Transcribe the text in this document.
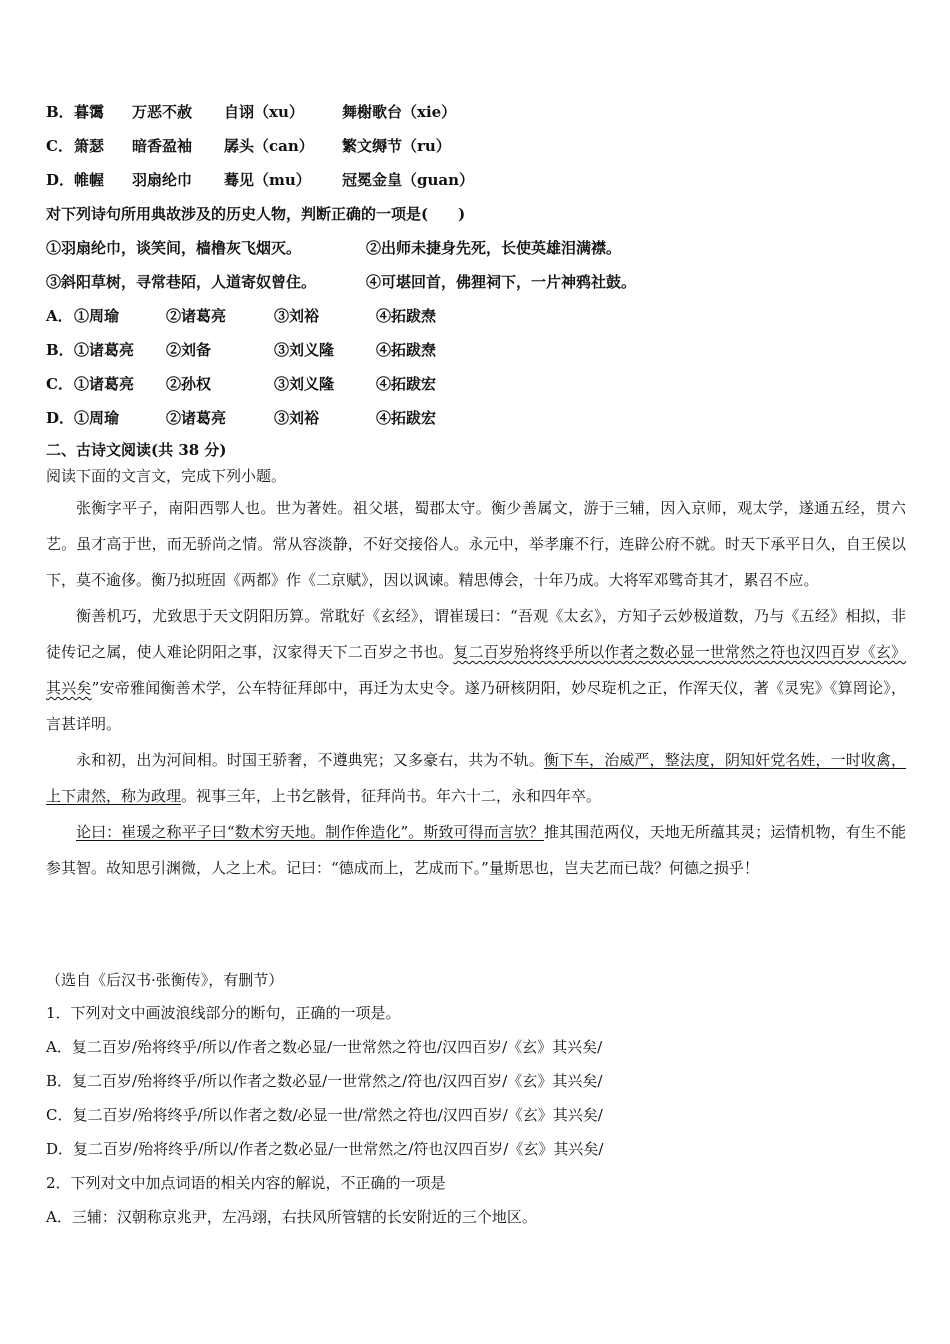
B．暮霭 万恶不赦 自诩（xu）	舞榭歌台（xie）
C．箫瑟 暗香盈袖 孱头（can） 繁文缛节（ru）
D．帷幄 羽扇纶巾 蓦见（mu） 冠冕金皇（guan）
对下列诗句所用典故涉及的历史人物，判断正确的一项是(　　)
①羽扇纶巾，谈笑间，樯橹灰飞烟灭。	②出师未捷身先死，长使英雄泪满襟。
③斜阳草树，寻常巷陌，人道寄奴曾住。	④可堪回首，佛狸祠下，一片神鸦社鼓。
A．①周瑜	②诸葛亮	③刘裕	④拓跋焘
B．①诸葛亮 ②刘备	③刘义隆	④拓跋焘
C．①诸葛亮 ②孙权	③刘义隆	④拓跋宏
D．①周瑜	②诸葛亮	③刘裕	④拓跋宏
二、古诗文阅读(共 38 分)
阅读下面的文言文，完成下列小题。

张衡字平子，南阳西鄂人也。世为著姓。祖父堪，蜀郡太守。衡少善属文，游于三辅，因入京师，观太学，遂通五经，贯六艺。虽才高于世，而无骄尚之情。常从容淡静，不好交接俗人。永元中，举孝廉不行，连辟公府不就。时天下承平日久，自王侯以下，莫不逾侈。衡乃拟班固《两都》作《二京赋》，因以讽谏。精思傅会，十年乃成。大将军邓骘奇其才，累召不应。

衡善机巧，尤致思于天文阴阳历算。常耽好《玄经》，谓崔瑗曰：“吾观《太玄》，方知子云妙极道数，乃与《五经》相拟，非徒传记之属，使人难论阴阳之事，汉家得天下二百岁之书也。复二百岁殆将终乎所以作者之数必显一世常然之符也汉四百岁《玄》其兴矣”安帝雅闻衡善术学，公车特征拜郎中，再迁为太史令。遂乃研核阴阳，妙尽琁机之正，作浑天仪，著《灵宪》《算罔论》，言甚详明。

永和初，出为河间相。时国王骄奢，不遵典宪；又多豪右，共为不轨。衡下车，治威严，整法度，阴知奸党名姓，一时收禽，上下肃然，称为政理。视事三年，上书乞骸骨，征拜尚书。年六十二，永和四年卒。

论曰：崔瑗之称平子曰“数术穷天地。制作侔造化”。斯致可得而言欤？推其围范两仪，天地无所蕴其灵；运情机物，有生不能参其智。故知思引渊微，人之上术。记曰：“德成而上，艺成而下。”量斯思也，岂夫艺而已哉？何德之损乎！

（选自《后汉书·张衡传》，有删节）
1．下列对文中画波浪线部分的断句，正确的一项是。
A．复二百岁/殆将终乎/所以/作者之数必显/一世常然之符也/汉四百岁/《玄》其兴矣/
B．复二百岁/殆将终乎/所以作者之数必显/一世常然之/符也/汉四百岁/《玄》其兴矣/
C．复二百岁/殆将终乎/所以作者之数/必显一世/常然之符也/汉四百岁/《玄》其兴矣/
D．复二百岁/殆将终乎/所以/作者之数必显/一世常然之/符也汉四百岁/《玄》其兴矣/
2．下列对文中加点词语的相关内容的解说，不正确的一项是
A．三辅：汉朝称京兆尹，左冯翊，右扶风所管辖的长安附近的三个地区。
